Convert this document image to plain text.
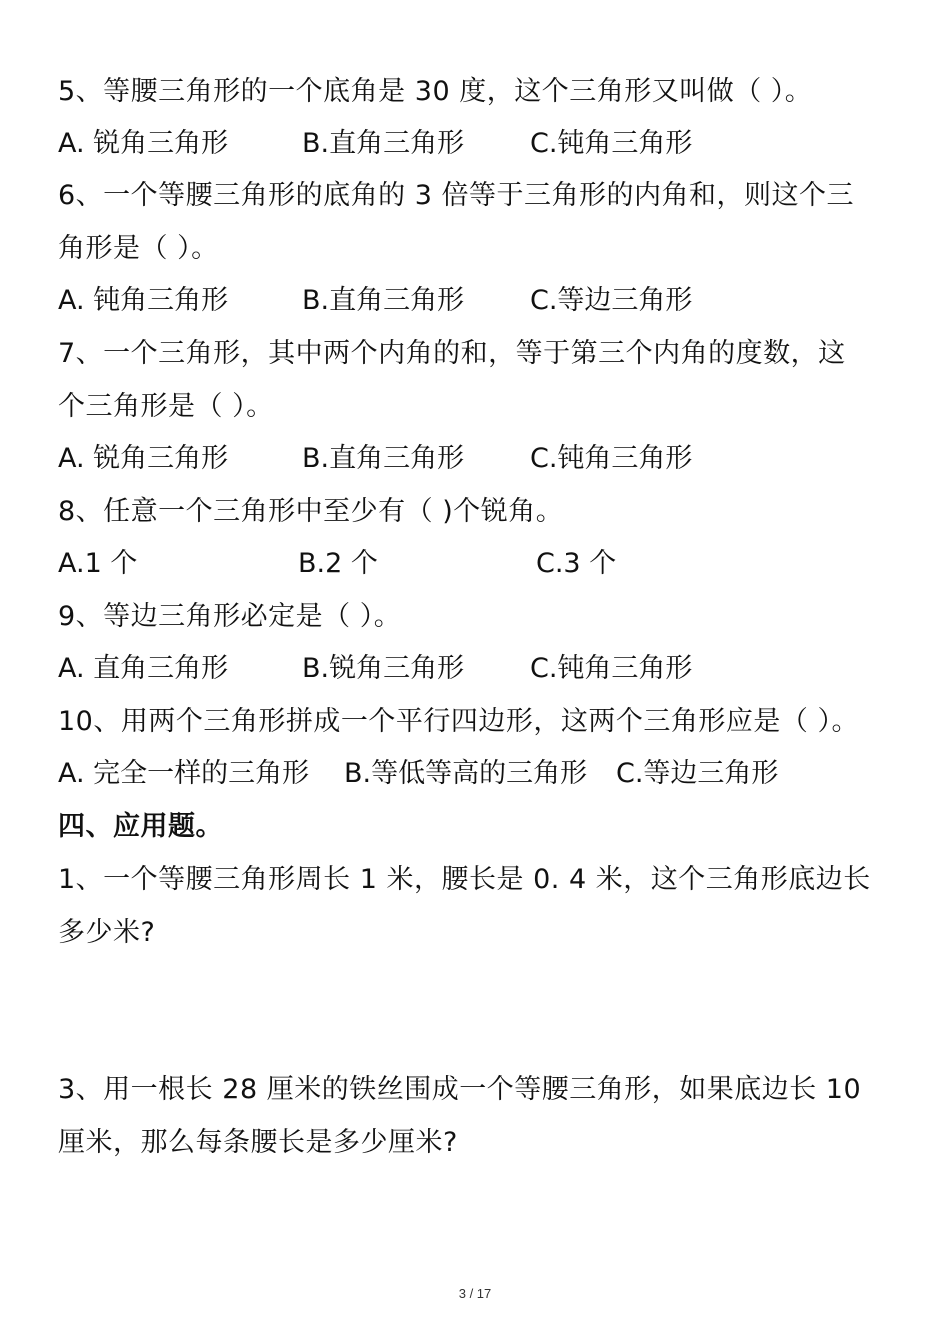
5、等腰三角形的一个底角是 30 度，这个三角形又叫做（ ）。
A. 锐角三角形	B.直角三角形 C.钝角三角形
6、一个等腰三角形的底角的 3 倍等于三角形的内角和，则这个三
角形是（ ）。
A. 钝角三角形	B.直角三角形 C.等边三角形
7、一个三角形，其中两个内角的和，等于第三个内角的度数，这
个三角形是（ ）。
A. 锐角三角形	B.直角三角形 C.钝角三角形
8、任意一个三角形中至少有（ )个锐角。
A.1 个	B.2 个	C.3 个
9、等边三角形必定是（ ）。
A. 直角三角形	B.锐角三角形 C.钝角三角形
10、用两个三角形拼成一个平行四边形，这两个三角形应是（ ）。
A. 完全一样的三角形 B.等低等高的三角形 C.等边三角形
四、应用题。
1、一个等腰三角形周长 1 米，腰长是 0. 4 米，这个三角形底边长
多少米?
3、用一根长 28 厘米的铁丝围成一个等腰三角形，如果底边长 10
厘米，那么每条腰长是多少厘米?
3 / 17
